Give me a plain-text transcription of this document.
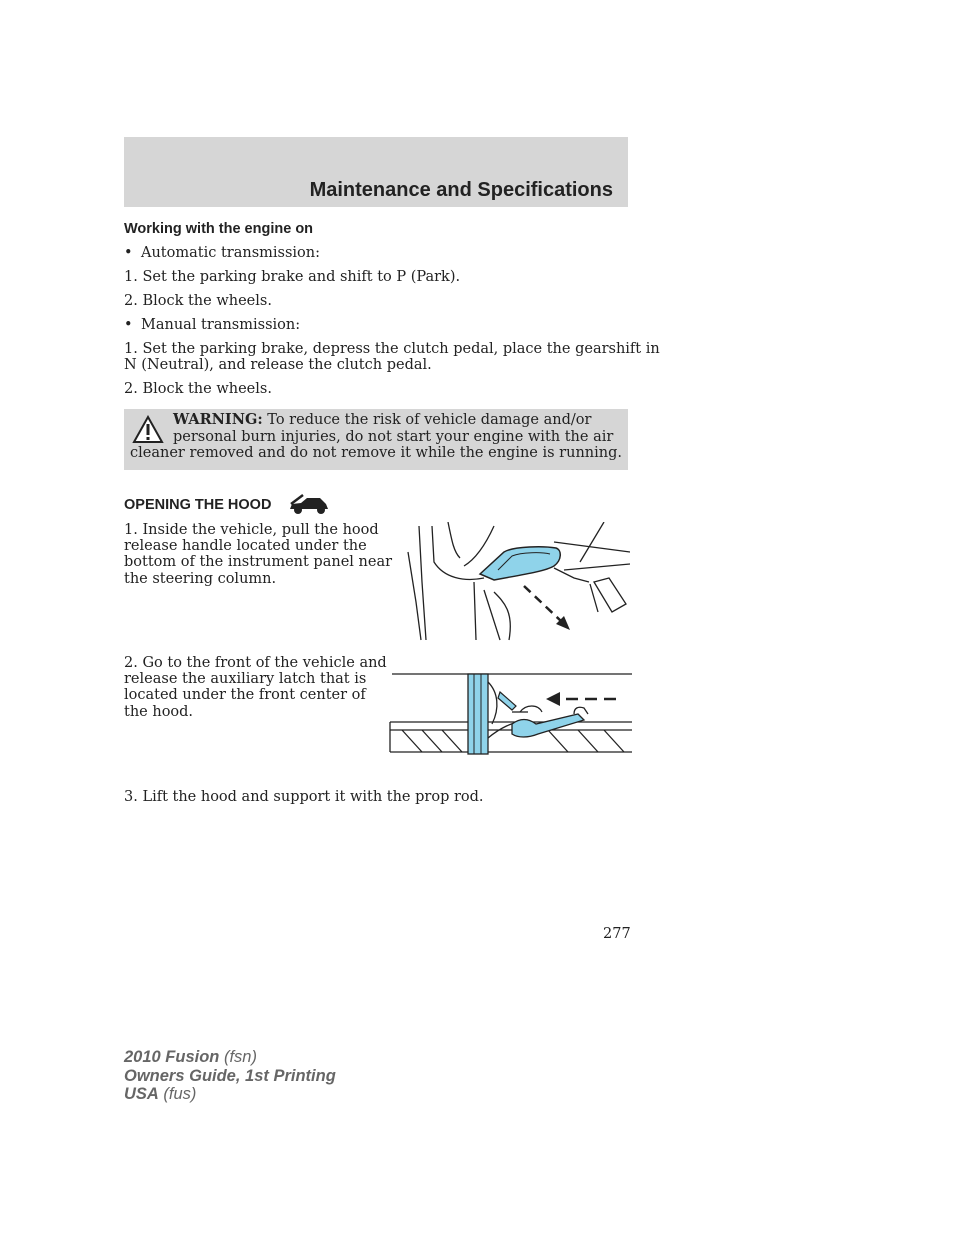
Maintenance and Specifications
Working with the engine on
• Automatic transmission:
1. Set the parking brake and shift to P (Park).
2. Block the wheels.
• Manual transmission:
1. Set the parking brake, depress the clutch pedal, place the gearshift in
N (Neutral), and release the clutch pedal.
2. Block the wheels.
WARNING: To reduce the risk of vehicle damage and/or
personal burn injuries, do not start your engine with the air
cleaner removed and do not remove it while the engine is running.
OPENING THE HOOD
1. Inside the vehicle, pull the hood
release handle located under the
bottom of the instrument panel near
the steering column.
2. Go to the front of the vehicle and
release the auxiliary latch that is
located under the front center of
the hood.
3. Lift the hood and support it with the prop rod.
277
2010 Fusion (fsn)
Owners Guide, 1st Printing
USA (fus)
